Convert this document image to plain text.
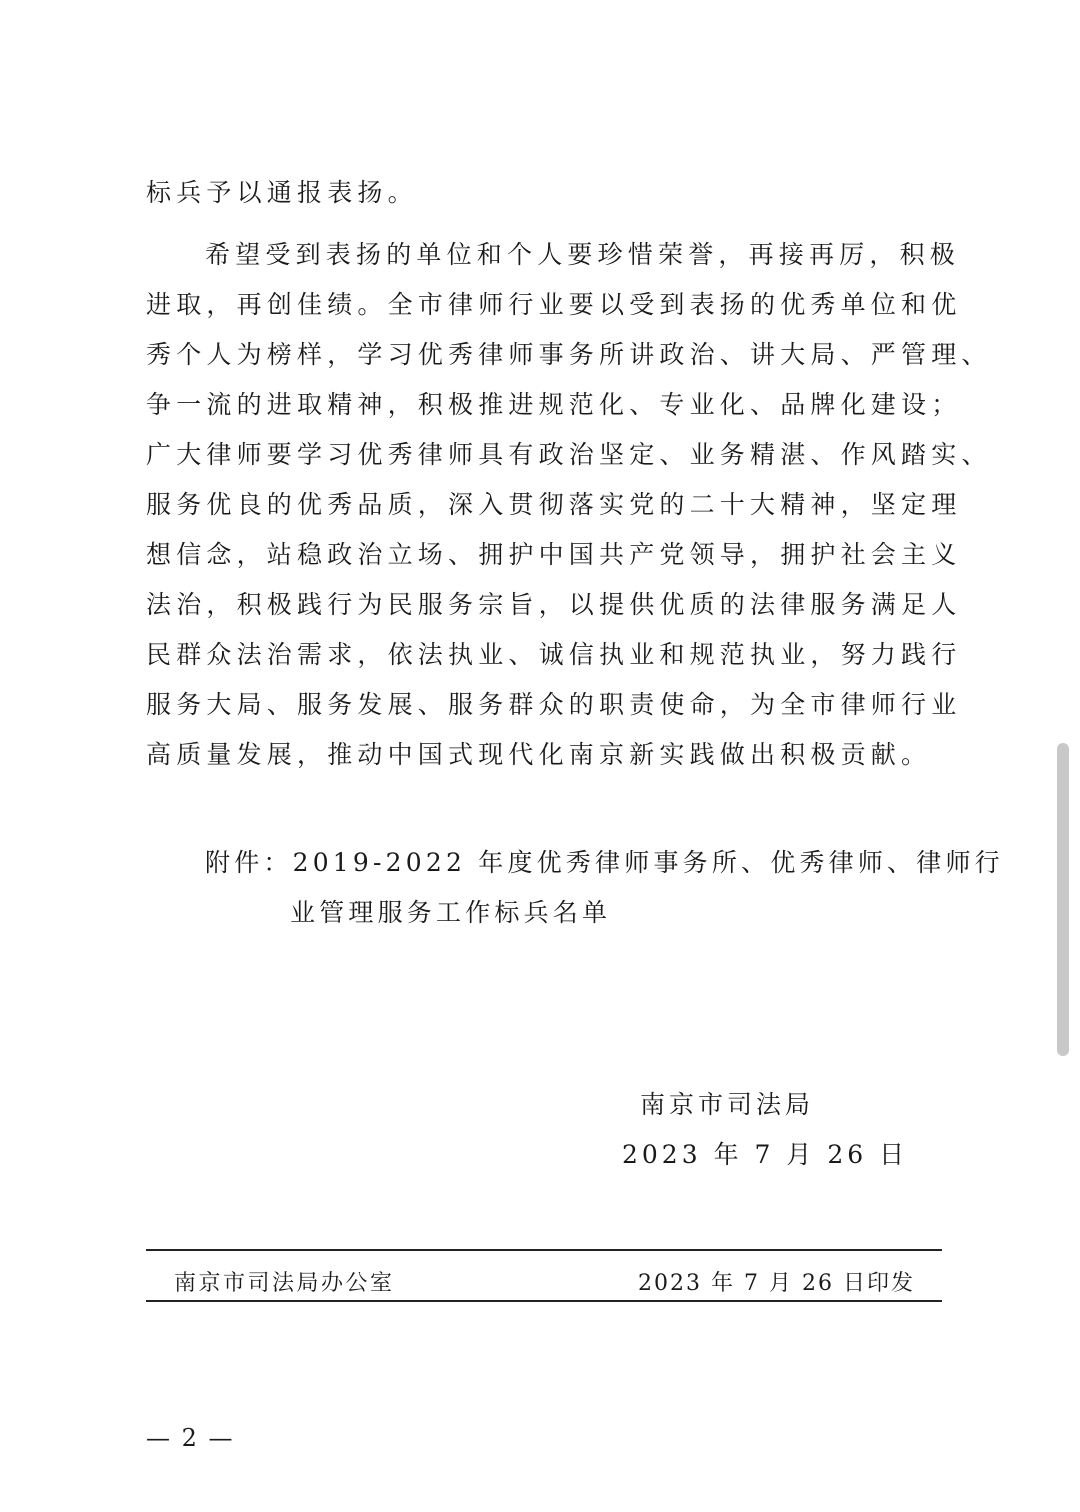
标兵予以通报表扬。
希望受到表扬的单位和个人要珍惜荣誉，再接再厉，积极
进取，再创佳绩。全市律师行业要以受到表扬的优秀单位和优
秀个人为榜样，学习优秀律师事务所讲政治、讲大局、严管理、
争一流的进取精神，积极推进规范化、专业化、品牌化建设；
广大律师要学习优秀律师具有政治坚定、业务精湛、作风踏实、
服务优良的优秀品质，深入贯彻落实党的二十大精神，坚定理
想信念，站稳政治立场、拥护中国共产党领导，拥护社会主义
法治，积极践行为民服务宗旨，以提供优质的法律服务满足人
民群众法治需求，依法执业、诚信执业和规范执业，努力践行
服务大局、服务发展、服务群众的职责使命，为全市律师行业
高质量发展，推动中国式现代化南京新实践做出积极贡献。
附件：2019-2022 年度优秀律师事务所、优秀律师、律师行
业管理服务工作标兵名单
南京市司法局
2023 年 7 月 26 日
南京市司法局办公室	2023 年 7 月 26 日印发
— 2 —
